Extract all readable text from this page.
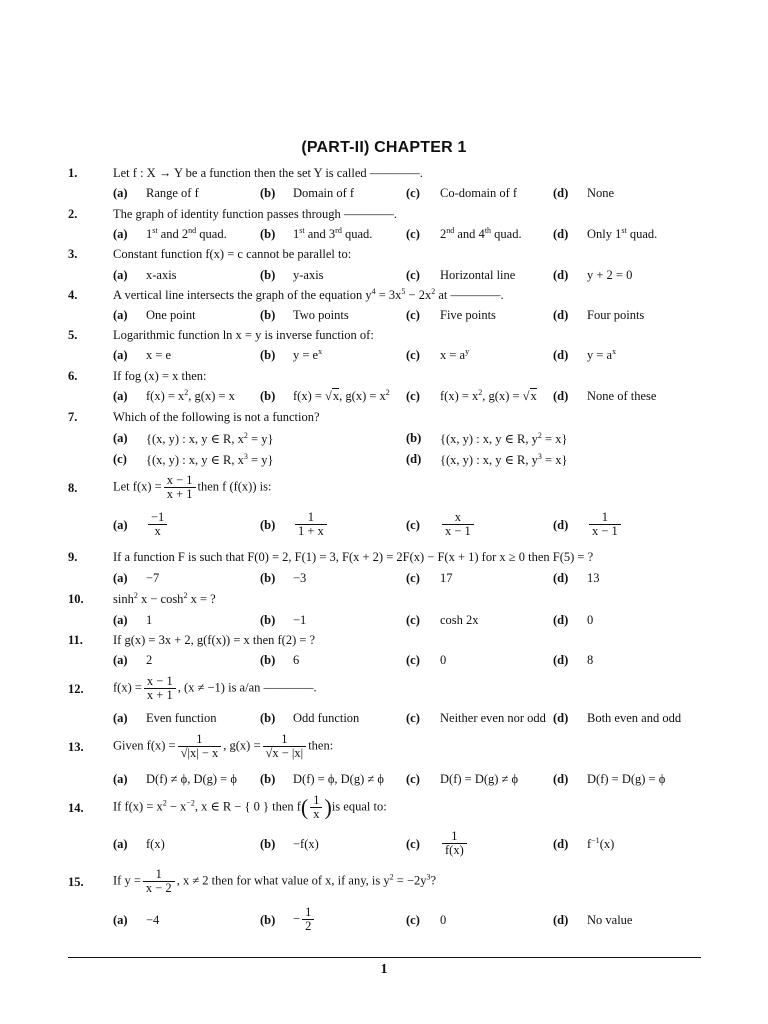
(PART-II) CHAPTER 1
1.	Let f : X → Y be a function then the set Y is called ————.
(a) Range of f	(b) Domain of f	(c) Co-domain of f	(d) None
2.	The graph of identity function passes through ————.
(a) 1st and 2nd quad.	(b) 1st and 3rd quad.	(c) 2nd and 4th quad.	(d) Only 1st quad.
3.	Constant function f(x) = c cannot be parallel to:
(a) x-axis	(b) y-axis	(c) Horizontal line	(d) y + 2 = 0
4.	A vertical line intersects the graph of the equation $y^4 = 3x^5 - 2x^2$ at ————.
(a) One point	(b) Two points	(c) Five points	(d) Four points
5.	Logarithmic function ln x = y is inverse function of:
(a) x = e	(b) $y = e^x$	(c) $x = a^y$	(d) $y = a^x$
6.	If fog (x) = x then:
(a) $f(x) = x^2$, g(x) = x (b) f(x) = √x, $g(x) = x^2$ (c) $f(x) = x^2$, g(x) = √x (d) None of these
7.	Which of the following is not a function?
(a) {(x, y) : x, y ∈ R, $x^2 = y$}	(b) {(x, y) : x, y ∈ R, $y^2 = x$}
(c) {(x, y) : x, y ∈ R, $x^3 = y$}	(d) {(x, y) : x, y ∈ R, $y^3 = x$}
8.	Let $f(x) = \frac{x - 1}{x + 1}$ then f (f(x)) is:
$(a) \frac{-1}{x}$	$(b) \frac{1}{1 + x}$	$(c) \frac{x}{x - 1}$	$(d) \frac{1}{x - 1}$
9.	If a function F is such that F(0) = 2, F(1) = 3, F(x + 2) = 2F(x) − F(x + 1) for x ≥ 0 then F(5) = ?
(a) −7	(b) −3	(c) 17	(d) 13
10. $\sinh^2 x - \cosh^2 x$ = ?
(a) 1	(b) −1	(c) cosh 2x	(d) 0
11. If g(x) = 3x + 2, g(f(x)) = x then f(2) = ?
(a) 2	(b) 6	(c) 0	(d) 8
12. $f(x) = \frac{x - 1}{x + 1}$ , (x ≠ −1) is a/an ————.
(a) Even function	(b) Odd function	(c) Neither even nor odd (d) Both even and odd
13. Given $f(x) = \frac{1}{√|x| - x}$ , $g(x) = \frac{1}{√x - |x|}$ then:
(a) D(f) ≠ ϕ, D(g) = ϕ (b) D(f) = ϕ, D(g) ≠ ϕ (c) D(f) = D(g) ≠ ϕ	(d) D(f) = D(g) = ϕ
14. If $f(x) = x^2 - x^{-2}$, x ∈ R − { 0 } then $f( \frac{1}{x} )is$ equal to:
(a) f(x)	(b) −f(x)	$(c) \frac{1}{f(x)}$	(d) $f^{-1}(x)$
15. If $y = \frac{1}{x - 2}$ , x ≠ 2 then for what value of x, if any, is $y^2 = -2y^3$?
(a) −4	$(b) - \frac{1}{2}$	(c) 0	(d) No value
1
